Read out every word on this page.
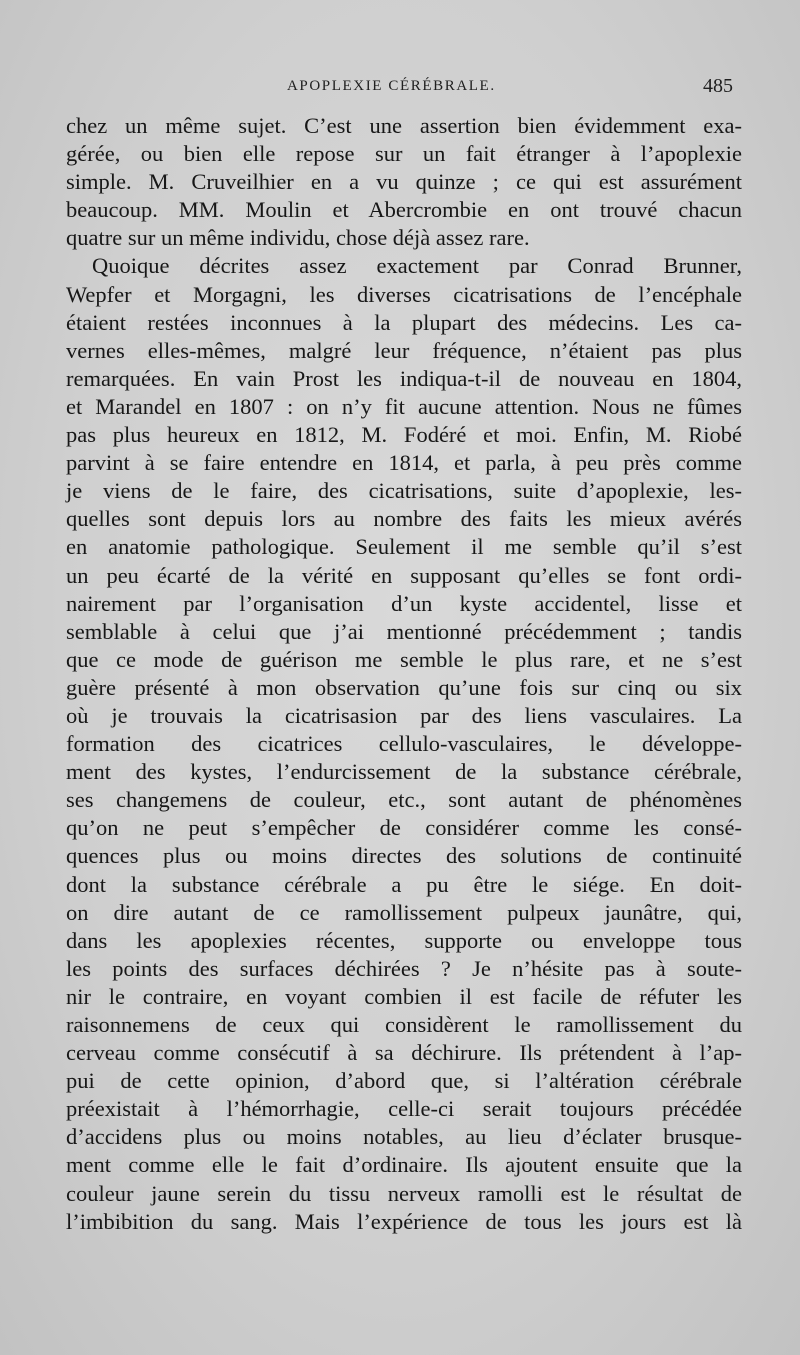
APOPLEXIE CÉRÉBRALE.	485
chez un même sujet. C’est une assertion bien évidemment exa-
gérée, ou bien elle repose sur un fait étranger à l’apoplexie
simple. M. Cruveilhier en a vu quinze ; ce qui est assurément
beaucoup. MM. Moulin et Abercrombie en ont trouvé chacun
quatre sur un même individu, chose déjà assez rare.
Quoique décrites assez exactement par Conrad Brunner,
Wepfer et Morgagni, les diverses cicatrisations de l’encéphale
étaient restées inconnues à la plupart des médecins. Les ca-
vernes elles-mêmes, malgré leur fréquence, n’étaient pas plus
remarquées. En vain Prost les indiqua-t-il de nouveau en 1804,
et Marandel en 1807 : on n’y fit aucune attention. Nous ne fûmes
pas plus heureux en 1812, M. Fodéré et moi. Enfin, M. Riobé
parvint à se faire entendre en 1814, et parla, à peu près comme
je viens de le faire, des cicatrisations, suite d’apoplexie, les-
quelles sont depuis lors au nombre des faits les mieux avérés
en anatomie pathologique. Seulement il me semble qu’il s’est
un peu écarté de la vérité en supposant qu’elles se font ordi-
nairement par l’organisation d’un kyste accidentel, lisse et
semblable à celui que j’ai mentionné précédemment ; tandis
que ce mode de guérison me semble le plus rare, et ne s’est
guère présenté à mon observation qu’une fois sur cinq ou six
où je trouvais la cicatrisasion par des liens vasculaires. La
formation des cicatrices cellulo-vasculaires, le développe-
ment des kystes, l’endurcissement de la substance cérébrale,
ses changemens de couleur, etc., sont autant de phénomènes
qu’on ne peut s’empêcher de considérer comme les consé-
quences plus ou moins directes des solutions de continuité
dont la substance cérébrale a pu être le siége. En doit-
on dire autant de ce ramollissement pulpeux jaunâtre, qui,
dans les apoplexies récentes, supporte ou enveloppe tous
les points des surfaces déchirées ? Je n’hésite pas à soute-
nir le contraire, en voyant combien il est facile de réfuter les
raisonnemens de ceux qui considèrent le ramollissement du
cerveau comme consécutif à sa déchirure. Ils prétendent à l’ap-
pui de cette opinion, d’abord que, si l’altération cérébrale
préexistait à l’hémorrhagie, celle-ci serait toujours précédée
d’accidens plus ou moins notables, au lieu d’éclater brusque-
ment comme elle le fait d’ordinaire. Ils ajoutent ensuite que la
couleur jaune serein du tissu nerveux ramolli est le résultat de
l’imbibition du sang. Mais l’expérience de tous les jours est là
